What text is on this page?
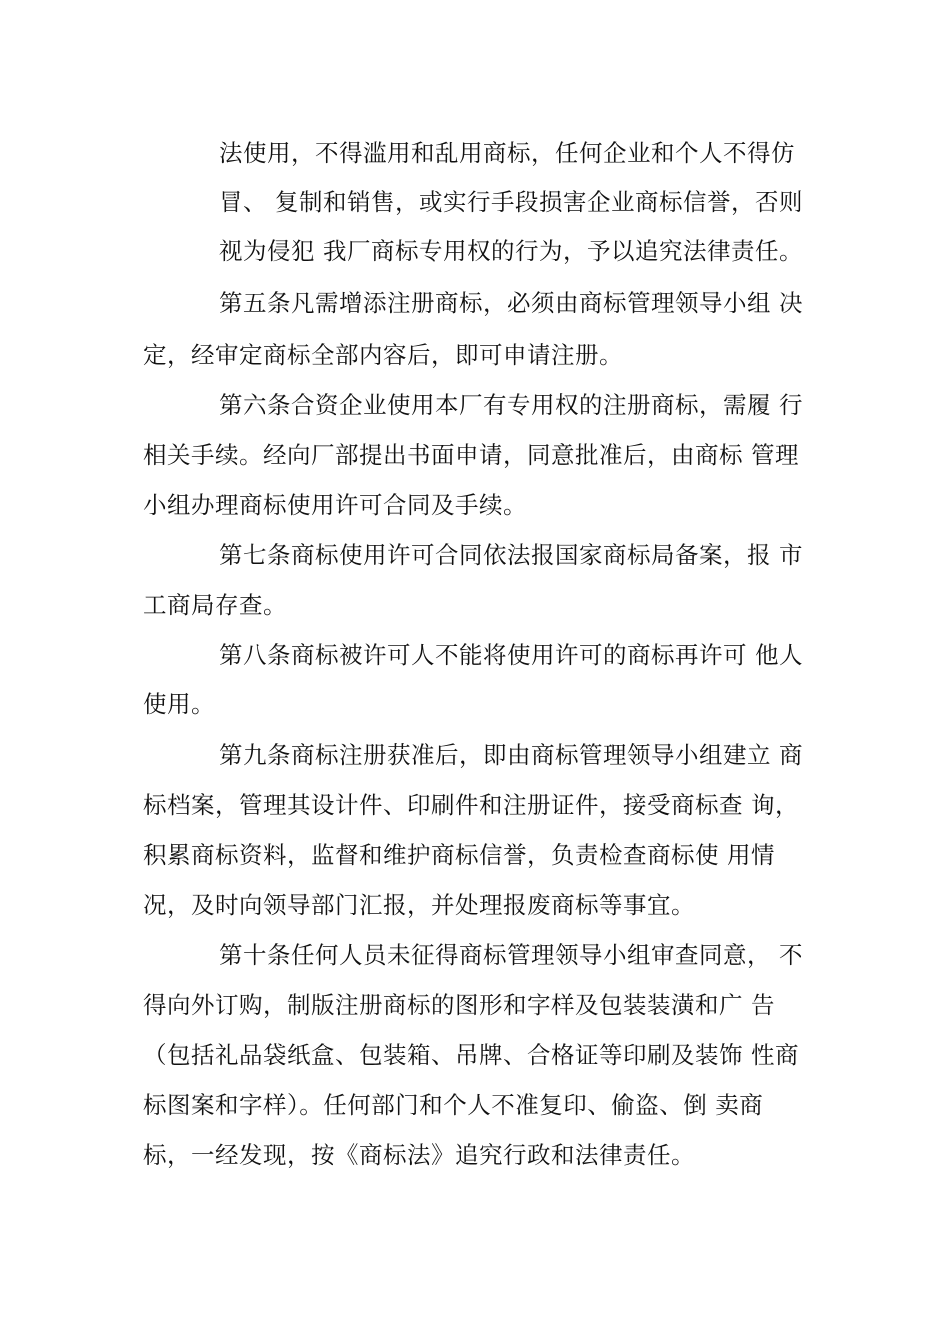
法使用，不得滥用和乱用商标，任何企业和个人不得仿
冒、 复制和销售，或实行手段损害企业商标信誉，否则
视为侵犯 我厂商标专用权的行为，予以追究法律责任。
第五条凡需增添注册商标，必须由商标管理领导小组 决
定，经审定商标全部内容后，即可申请注册。
第六条合资企业使用本厂有专用权的注册商标，需履 行
相关手续。经向厂部提出书面申请，同意批准后，由商标 管理
小组办理商标使用许可合同及手续。
第七条商标使用许可合同依法报国家商标局备案，报 市
工商局存查。
第八条商标被许可人不能将使用许可的商标再许可 他人
使用。
第九条商标注册获准后，即由商标管理领导小组建立 商
标档案，管理其设计件、印刷件和注册证件，接受商标查 询，
积累商标资料，监督和维护商标信誉，负责检查商标使 用情
况，及时向领导部门汇报，并处理报废商标等事宜。
第十条任何人员未征得商标管理领导小组审查同意， 不
得向外订购，制版注册商标的图形和字样及包装装潢和广 告
（包括礼品袋纸盒、包装箱、吊牌、合格证等印刷及装饰 性商
标图案和字样）。任何部门和个人不准复印、偷盗、倒 卖商
标，一经发现，按《商标法》追究行政和法律责任。
